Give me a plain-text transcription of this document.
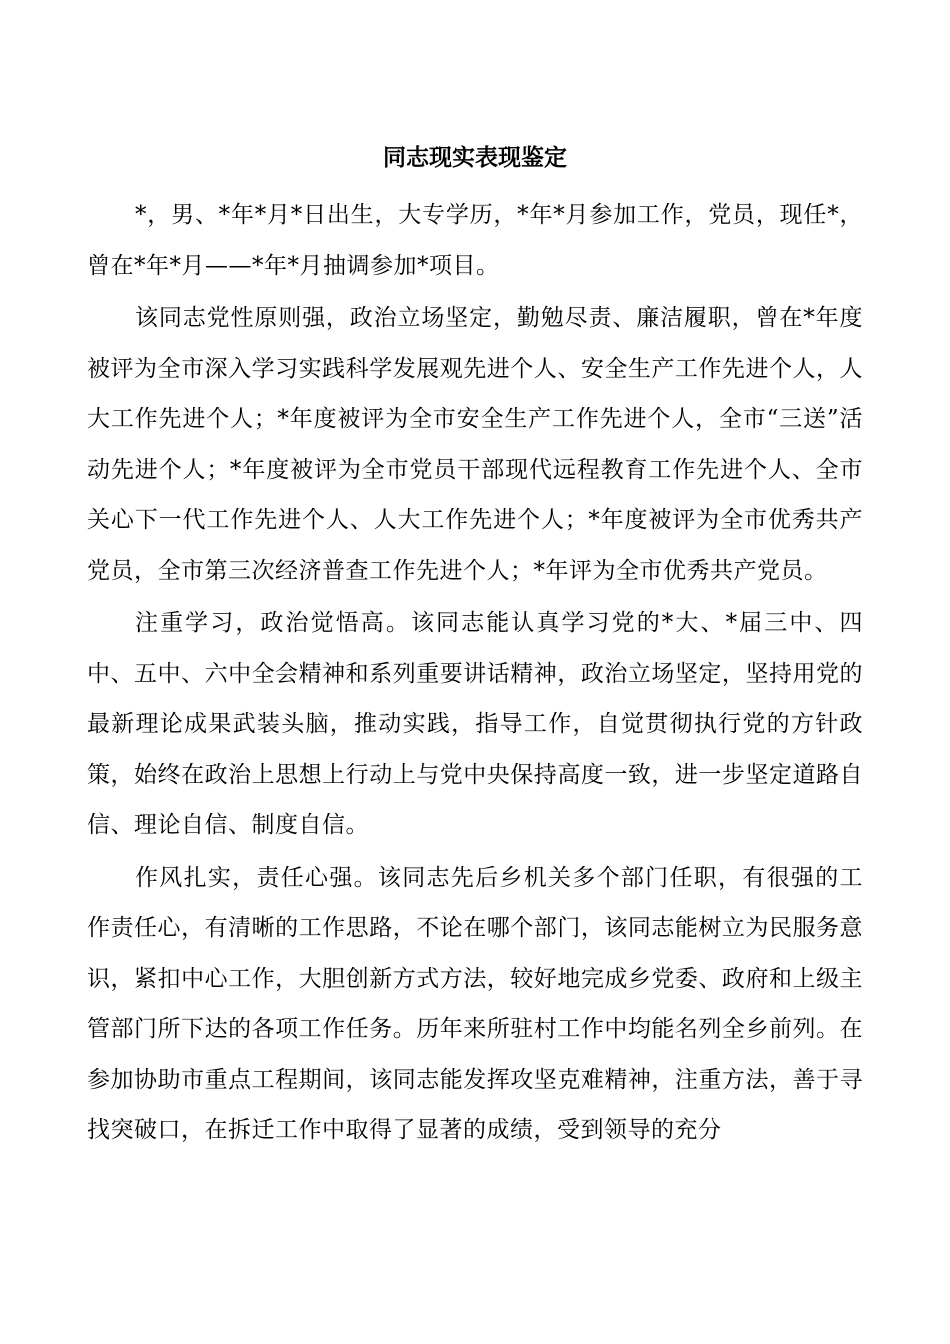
同志现实表现鉴定

*，男、*年*月*日出生，大专学历，*年*月参加工作，党员，现任*，曾在*年*月——*年*月抽调参加*项目。

该同志党性原则强，政治立场坚定，勤勉尽责、廉洁履职，曾在*年度被评为全市深入学习实践科学发展观先进个人、安全生产工作先进个人，人大工作先进个人；*年度被评为全市安全生产工作先进个人，全市“三送”活动先进个人；*年度被评为全市党员干部现代远程教育工作先进个人、全市关心下一代工作先进个人、人大工作先进个人；*年度被评为全市优秀共产党员，全市第三次经济普查工作先进个人；*年评为全市优秀共产党员。

注重学习，政治觉悟高。该同志能认真学习党的*大、*届三中、四中、五中、六中全会精神和系列重要讲话精神，政治立场坚定，坚持用党的最新理论成果武装头脑，推动实践，指导工作，自觉贯彻执行党的方针政策，始终在政治上思想上行动上与党中央保持高度一致，进一步坚定道路自信、理论自信、制度自信。

作风扎实，责任心强。该同志先后乡机关多个部门任职，有很强的工作责任心，有清晰的工作思路，不论在哪个部门，该同志能树立为民服务意识，紧扣中心工作，大胆创新方式方法，较好地完成乡党委、政府和上级主管部门所下达的各项工作任务。历年来所驻村工作中均能名列全乡前列。在参加协助市重点工程期间，该同志能发挥攻坚克难精神，注重方法，善于寻找突破口，在拆迁工作中取得了显著的成绩，受到领导的充分
